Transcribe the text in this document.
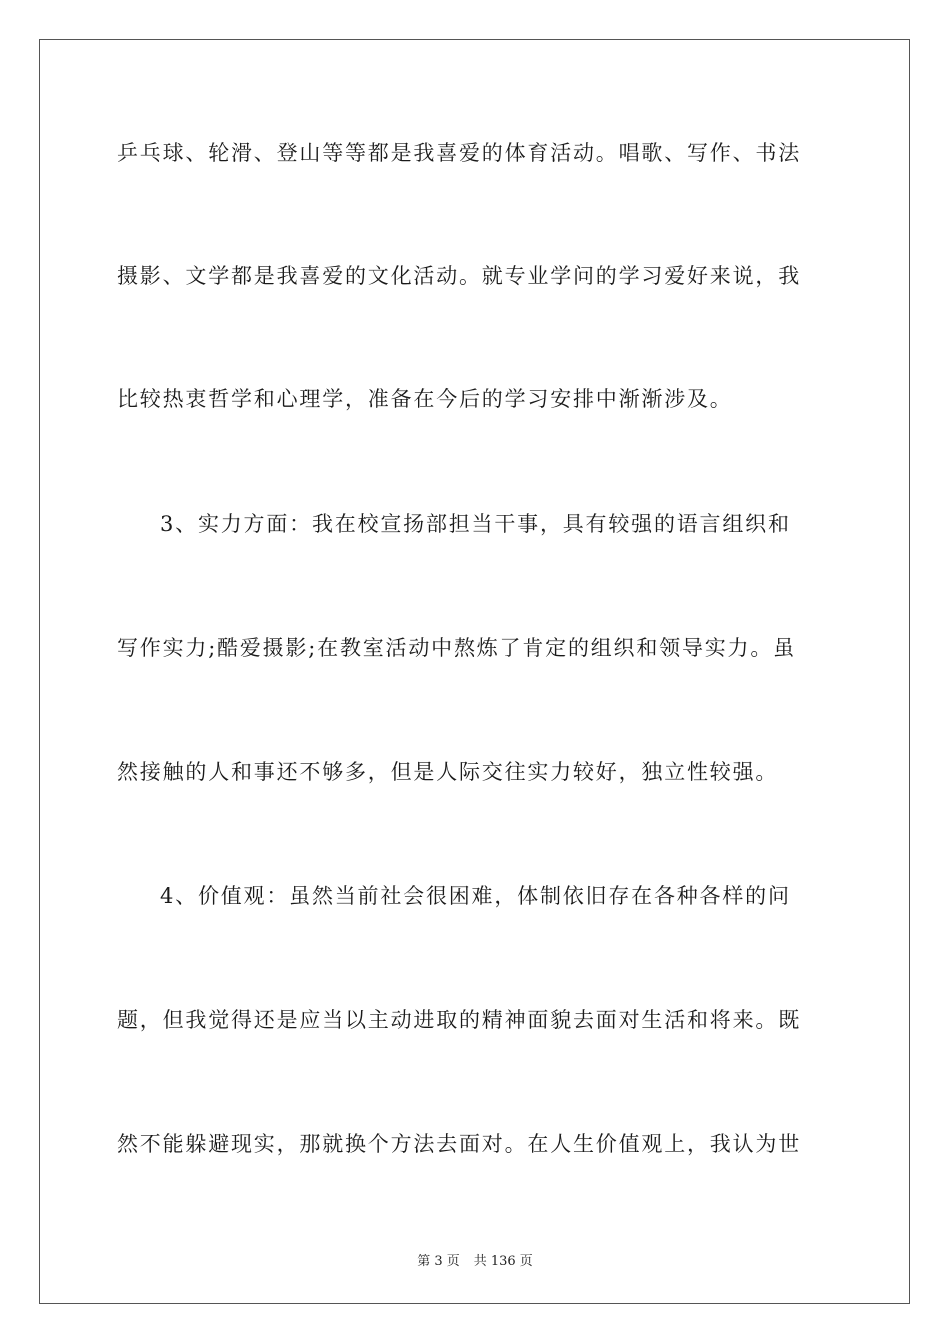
乒乓球、轮滑、登山等等都是我喜爱的体育活动。唱歌、写作、书法
摄影、文学都是我喜爱的文化活动。就专业学问的学习爱好来说，我
比较热衷哲学和心理学，准备在今后的学习安排中渐渐涉及。
3、实力方面：我在校宣扬部担当干事，具有较强的语言组织和
写作实力;酷爱摄影;在教室活动中熬炼了肯定的组织和领导实力。虽
然接触的人和事还不够多，但是人际交往实力较好，独立性较强。
4、价值观：虽然当前社会很困难，体制依旧存在各种各样的问
题，但我觉得还是应当以主动进取的精神面貌去面对生活和将来。既
然不能躲避现实，那就换个方法去面对。在人生价值观上，我认为世
第 3 页 共 136 页
